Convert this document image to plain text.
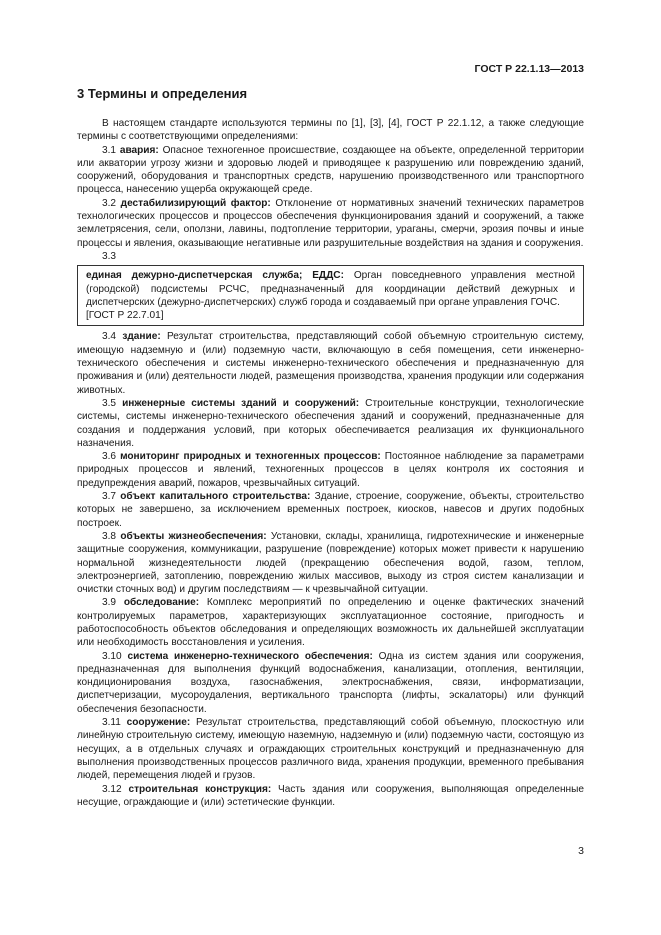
ГОСТ Р 22.1.13—2013
3 Термины и определения

В настоящем стандарте используются термины по [1], [3], [4], ГОСТ Р 22.1.12, а также следующие термины с соответствующими определениями:

3.1 авария: Опасное техногенное происшествие, создающее на объекте, определенной территории или акватории угрозу жизни и здоровью людей и приводящее к разрушению или повреждению зданий, сооружений, оборудования и транспортных средств, нарушению производственного или транспортного процесса, нанесению ущерба окружающей среде.

3.2 дестабилизирующий фактор: Отклонение от нормативных значений технических параметров технологических процессов и процессов обеспечения функционирования зданий и сооружений, а также землетрясения, сели, оползни, лавины, подтопление территории, ураганы, смерчи, эрозия почвы и иные процессы и явления, оказывающие негативные или разрушительные воздействия на здания и сооружения.

3.3

единая дежурно-диспетчерская служба; ЕДДС: Орган повседневного управления местной (городской) подсистемы РСЧС, предназначенный для координации действий дежурных и диспетчерских (дежурно-диспетчерских) служб города и создаваемый при органе управления ГОЧС.

[ГОСТ Р 22.7.01]

3.4 здание: Результат строительства, представляющий собой объемную строительную систему, имеющую надземную и (или) подземную части, включающую в себя помещения, сети инженерно-технического обеспечения и системы инженерно-технического обеспечения и предназначенную для проживания и (или) деятельности людей, размещения производства, хранения продукции или содержания животных.

3.5 инженерные системы зданий и сооружений: Строительные конструкции, технологические системы, системы инженерно-технического обеспечения зданий и сооружений, предназначенные для создания и поддержания условий, при которых обеспечивается реализация их функционального назначения.

3.6 мониторинг природных и техногенных процессов: Постоянное наблюдение за параметрами природных процессов и явлений, техногенных процессов в целях контроля их состояния и предупреждения аварий, пожаров, чрезвычайных ситуаций.

3.7 объект капитального строительства: Здание, строение, сооружение, объекты, строительство которых не завершено, за исключением временных построек, киосков, навесов и других подобных построек.

3.8 объекты жизнеобеспечения: Установки, склады, хранилища, гидротехнические и инженерные защитные сооружения, коммуникации, разрушение (повреждение) которых может привести к нарушению нормальной жизнедеятельности людей (прекращению обеспечения водой, газом, теплом, электроэнергией, затоплению, повреждению жилых массивов, выходу из строя систем канализации и очистки сточных вод) и другим последствиям — к чрезвычайной ситуации.

3.9 обследование: Комплекс мероприятий по определению и оценке фактических значений контролируемых параметров, характеризующих эксплуатационное состояние, пригодность и работоспособность объектов обследования и определяющих возможность их дальнейшей эксплуатации или необходимость восстановления и усиления.

3.10 система инженерно-технического обеспечения: Одна из систем здания или сооружения, предназначенная для выполнения функций водоснабжения, канализации, отопления, вентиляции, кондиционирования воздуха, газоснабжения, электроснабжения, связи, информатизации, диспетчеризации, мусороудаления, вертикального транспорта (лифты, эскалаторы) или функций обеспечения безопасности.

3.11 сооружение: Результат строительства, представляющий собой объемную, плоскостную или линейную строительную систему, имеющую наземную, надземную и (или) подземную части, состоящую из несущих, а в отдельных случаях и ограждающих строительных конструкций и предназначенную для выполнения производственных процессов различного вида, хранения продукции, временного пребывания людей, перемещения людей и грузов.

3.12 строительная конструкция: Часть здания или сооружения, выполняющая определенные несущие, ограждающие и (или) эстетические функции.

3
